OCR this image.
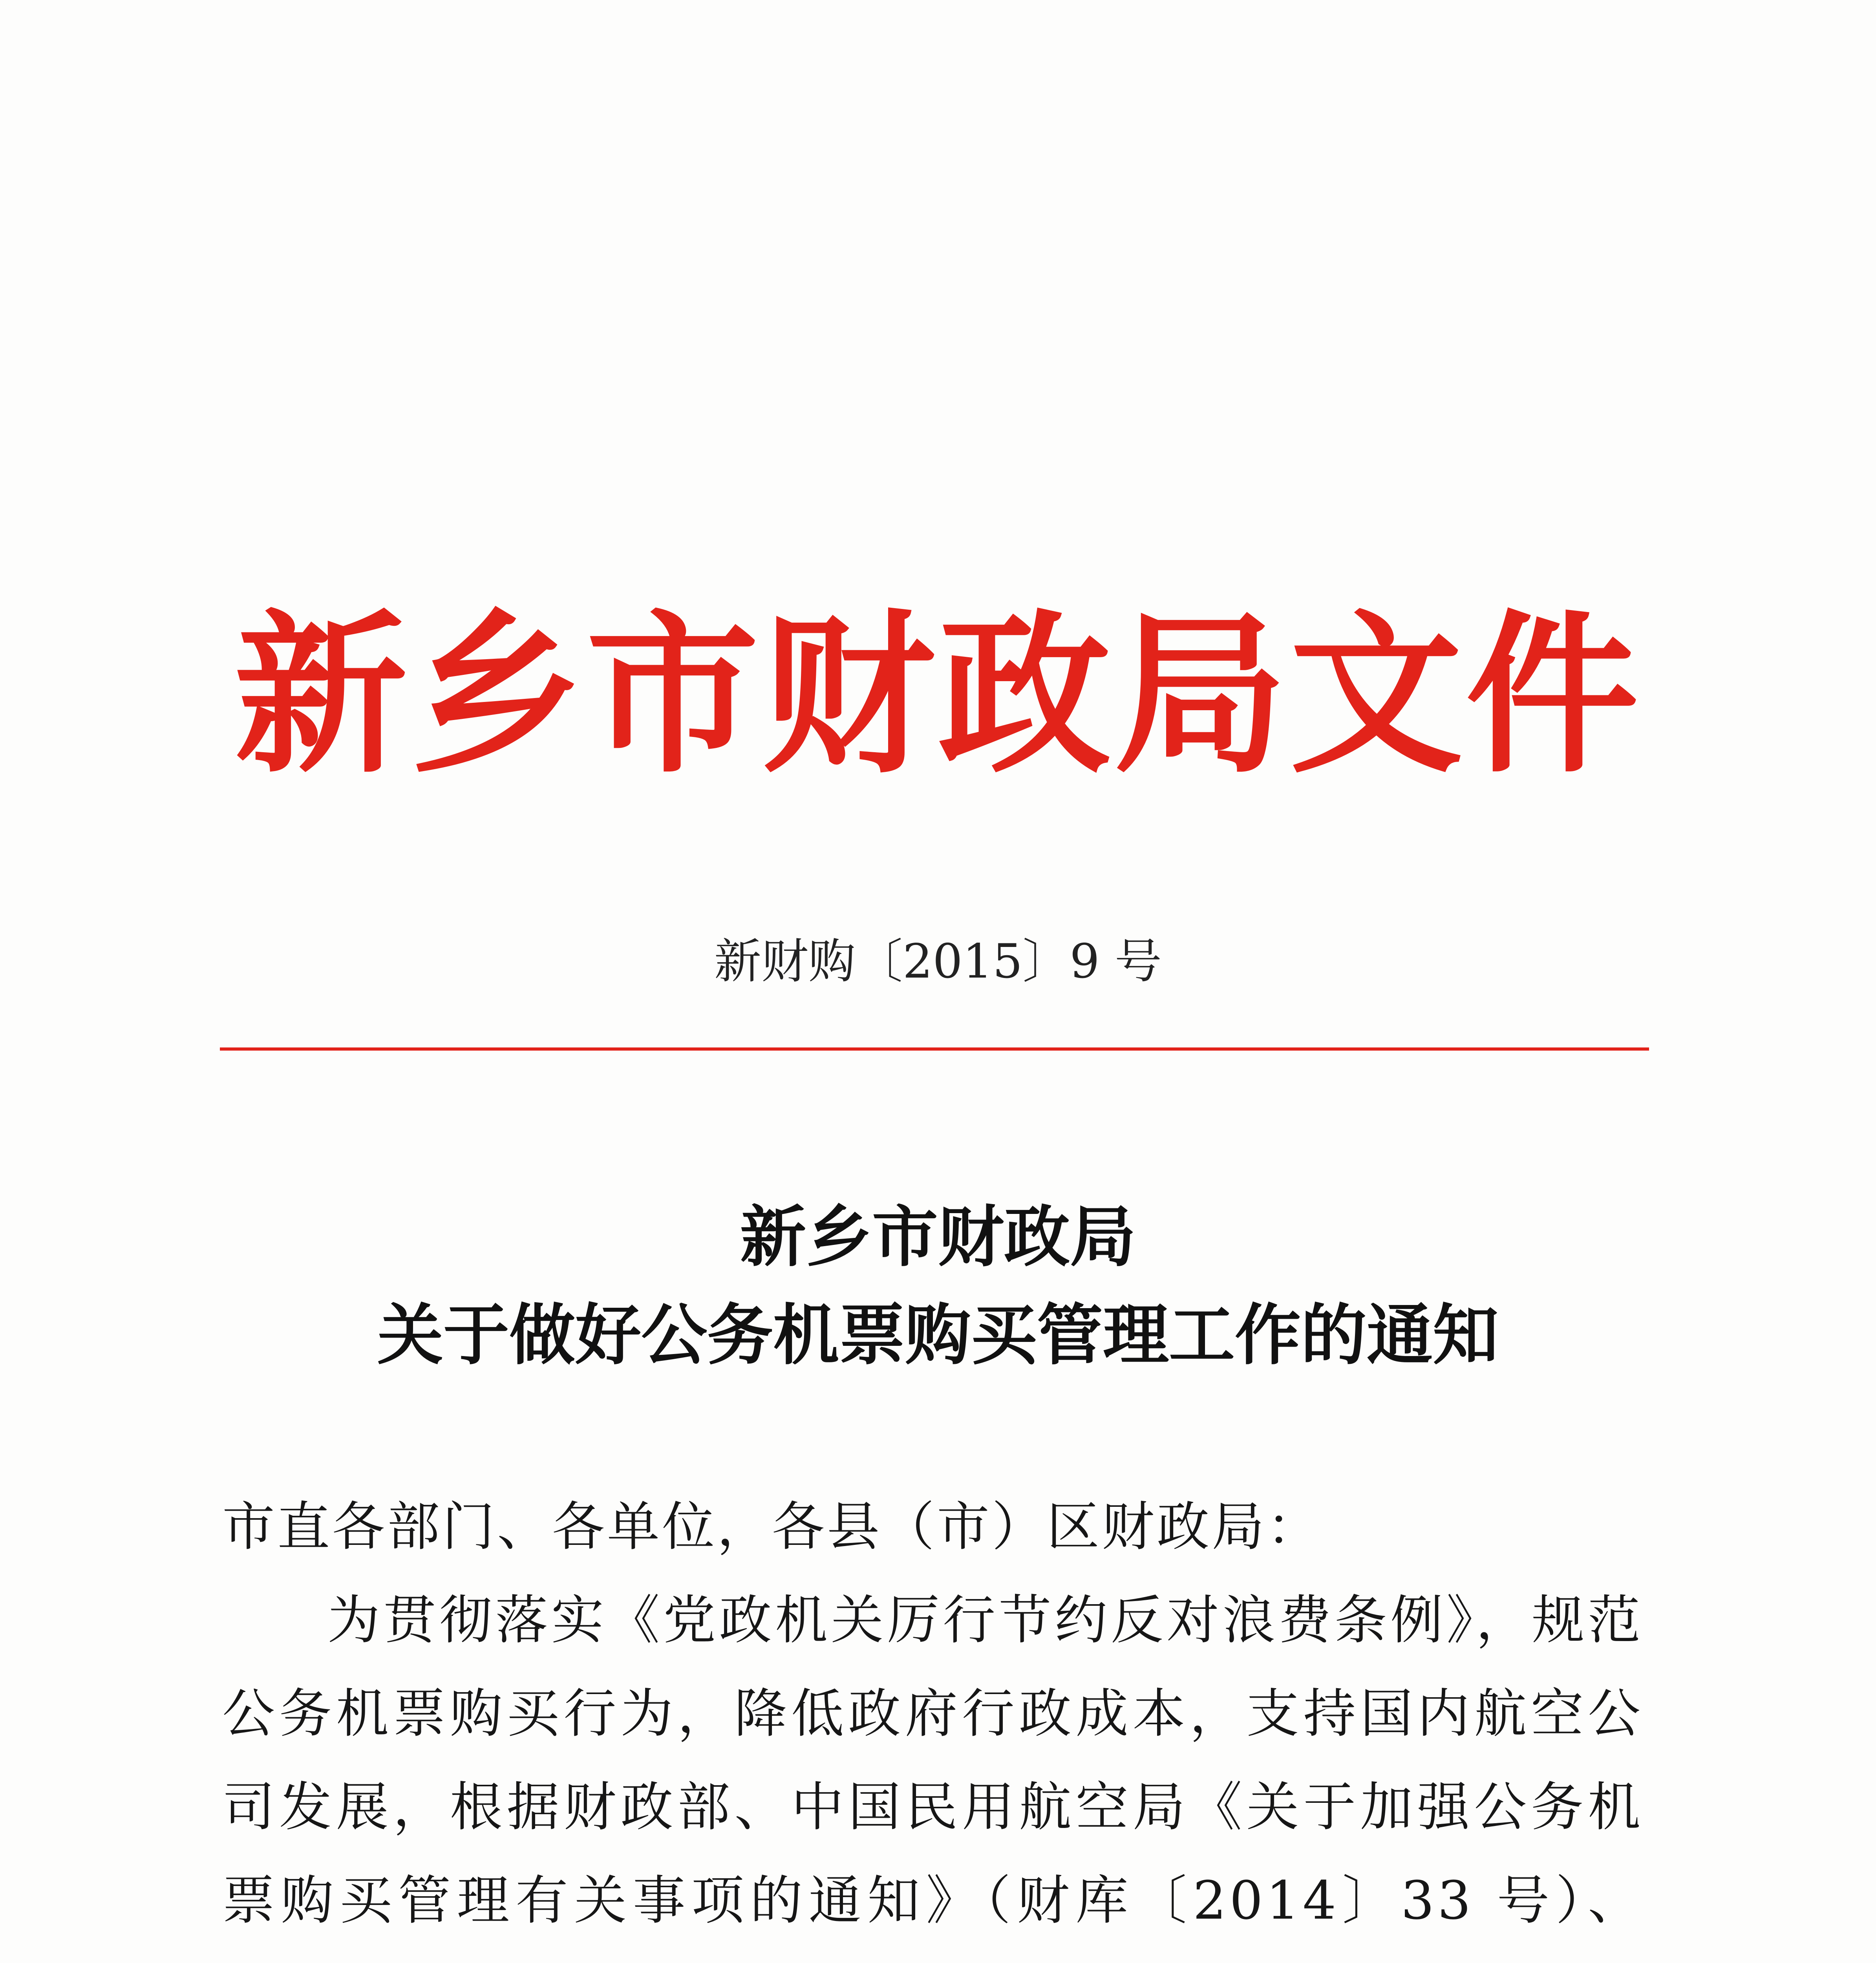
新乡市财政局文件
新财购〔2015〕9 号
新乡市财政局
关于做好公务机票购买管理工作的通知

市直各部门、各单位，各县（市）区财政局：

为贯彻落实《党政机关厉行节约反对浪费条例》，规范公务机票购买行为，降低政府行政成本，支持国内航空公司发展，根据财政部、中国民用航空局《关于加强公务机票购买管理有关事项的通知》（财库〔2014〕33 号）、
